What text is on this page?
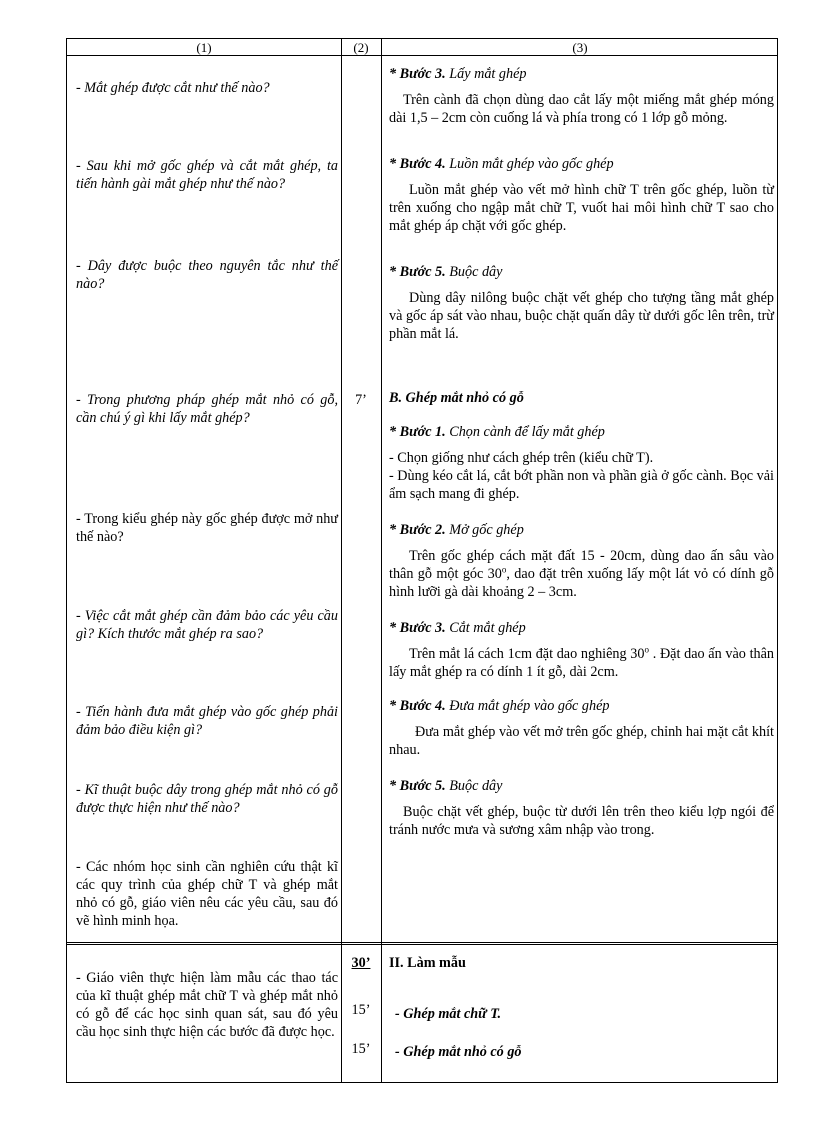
(1)	(2)	(3)
- Mắt ghép được cắt như thế nào?
- Sau khi mở gốc ghép và cắt mắt ghép, ta tiến hành gài mắt ghép như thế nào?
- Dây được buộc theo nguyên tắc như thế nào?
- Trong phương pháp ghép mắt nhỏ có gỗ, cần chú ý gì khi lấy mắt ghép?
- Trong kiểu ghép này gốc ghép được mở như thế nào?
- Việc cắt mắt ghép cần đảm bảo các yêu cầu gì? Kích thước mắt ghép ra sao?
- Tiến hành đưa mắt ghép vào gốc ghép phải đảm bảo điều kiện gì?
- Kĩ thuật buộc dây trong ghép mắt nhỏ có gỗ được thực hiện như thế nào?
- Các nhóm học sinh cần nghiên cứu thật kĩ các quy trình của ghép chữ T và ghép mắt nhỏ có gỗ, giáo viên nêu các yêu cầu, sau đó vẽ hình minh họa.
- Giáo viên thực hiện làm mẫu các thao tác của kĩ thuật ghép mắt chữ T và ghép mắt nhỏ có gỗ để các học sinh quan sát, sau đó yêu cầu học sinh thực hiện các bước đã được học.
7’
30’
15’
15’
* Bước 3. Lấy mắt ghép
Trên cành đã chọn dùng dao cắt lấy một miếng mắt ghép móng dài 1,5 – 2cm còn cuống lá và phía trong có 1 lớp gỗ mỏng.
* Bước 4. Luồn mắt ghép vào gốc ghép
Luồn mắt ghép vào vết mở hình chữ T trên gốc ghép, luồn từ trên xuống cho ngập mắt chữ T, vuốt hai môi hình chữ T sao cho mắt ghép áp chặt với gốc ghép.
* Bước 5. Buộc dây
Dùng dây nilông buộc chặt vết ghép cho tượng tầng mắt ghép và gốc áp sát vào nhau, buộc chặt quấn dây từ dưới gốc lên trên, trừ phần mắt lá.
B. Ghép mắt nhỏ có gỗ
* Bước 1. Chọn cành để lấy mắt ghép
- Chọn giống như cách ghép trên (kiểu chữ T).
- Dùng kéo cắt lá, cắt bớt phần non và phần già ở gốc cành. Bọc vải ẩm sạch mang đi ghép.
* Bước 2. Mở gốc ghép
Trên gốc ghép cách mặt đất 15 - 20cm, dùng dao ấn sâu vào thân gỗ một góc 30$^o$, dao đặt trên xuống lấy một lát vỏ có dính gỗ hình lưỡi gà dài khoảng 2 – 3cm.
* Bước 3. Cắt mắt ghép
Trên mắt lá cách 1cm đặt dao nghiêng 30$^o$ . Đặt dao ấn vào thân lấy mắt ghép ra có dính 1 ít gỗ, dài 2cm.
* Bước 4. Đưa mắt ghép vào gốc ghép
Đưa mắt ghép vào vết mở trên gốc ghép, chỉnh hai mặt cắt khít nhau.
* Bước 5. Buộc dây
Buộc chặt vết ghép, buộc từ dưới lên trên theo kiểu lợp ngói để tránh nước mưa và sương xâm nhập vào trong.
II. Làm mẫu
- Ghép mắt chữ T.
- Ghép mắt nhỏ có gỗ
